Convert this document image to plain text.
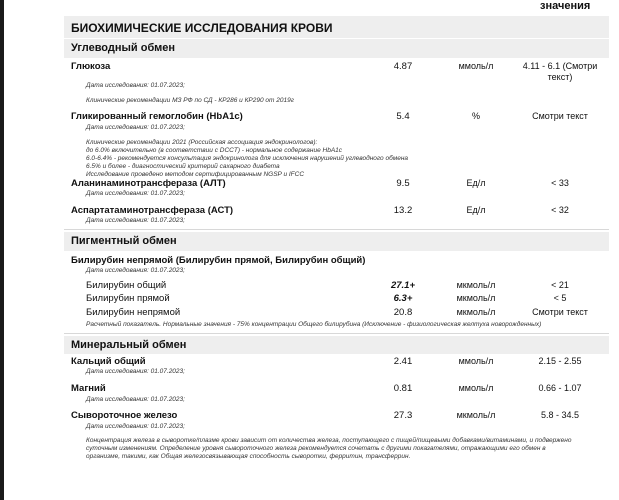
значения
БИОХИМИЧЕСКИЕ ИССЛЕДОВАНИЯ КРОВИ
Углеводный обмен
Глюкоза	4.87	ммоль/л	4.11 - 6.1 (Смотри
текст)
Дата исследования: 01.07.2023;
Клинические рекомендации МЗ РФ по СД - КР286 и КР290 от 2019г
Гликированный гемоглобин (HbA1c)	5.4	%	Смотри текст
Дата исследования: 01.07.2023;
Клинические рекомендации 2021 (Российская ассоциация эндокринологов):
до 6.0% включительно (в соответствии с DCCT) - нормальное содержание HbA1c
6.0-6.4% - рекомендуется консультация эндокринолога для исключения нарушений углеводного обмена
6.5% и более - диагностический критерий сахарного диабета
Исследование проведено методом сертифицированным NGSP и IFCC
Аланинаминотрансфераза (АЛТ)	9.5	Ед/л	< 33
Дата исследования: 01.07.2023;
Аспартатаминотрансфераза (АСТ)	13.2	Ед/л	< 32
Дата исследования: 01.07.2023;
Пигментный обмен
Билирубин непрямой (Билирубин прямой, Билирубин общий)
Дата исследования: 01.07.2023;
Билирубин общий	27.1+	мкмоль/л	< 21
Билирубин прямой	6.3+	мкмоль/л	< 5
Билирубин непрямой	20.8	мкмоль/л	Смотри текст
Расчетный показатель. Нормальные значения - 75% концентрации Общего билирубина (Исключение - физиологическая желтуха новорожденных)
Минеральный обмен
Кальций общий	2.41	ммоль/л	2.15 - 2.55
Дата исследования: 01.07.2023;
Магний	0.81	ммоль/л	0.66 - 1.07
Дата исследования: 01.07.2023;
Сывороточное железо	27.3	мкмоль/л	5.8 - 34.5
Дата исследования: 01.07.2023;
Концентрация железа в сыворотке/плазме крови зависит от количества железа, поступающего с пищей/пищевыми добавками/витаминами, и подвержено
суточным изменениям. Определение уровня сывороточного железа рекомендуется сочетать с другими показателями, отражающими его обмен в
организме, такими, как Общая железосвязывающая способность сыворотки, ферритин, трансферрин.
